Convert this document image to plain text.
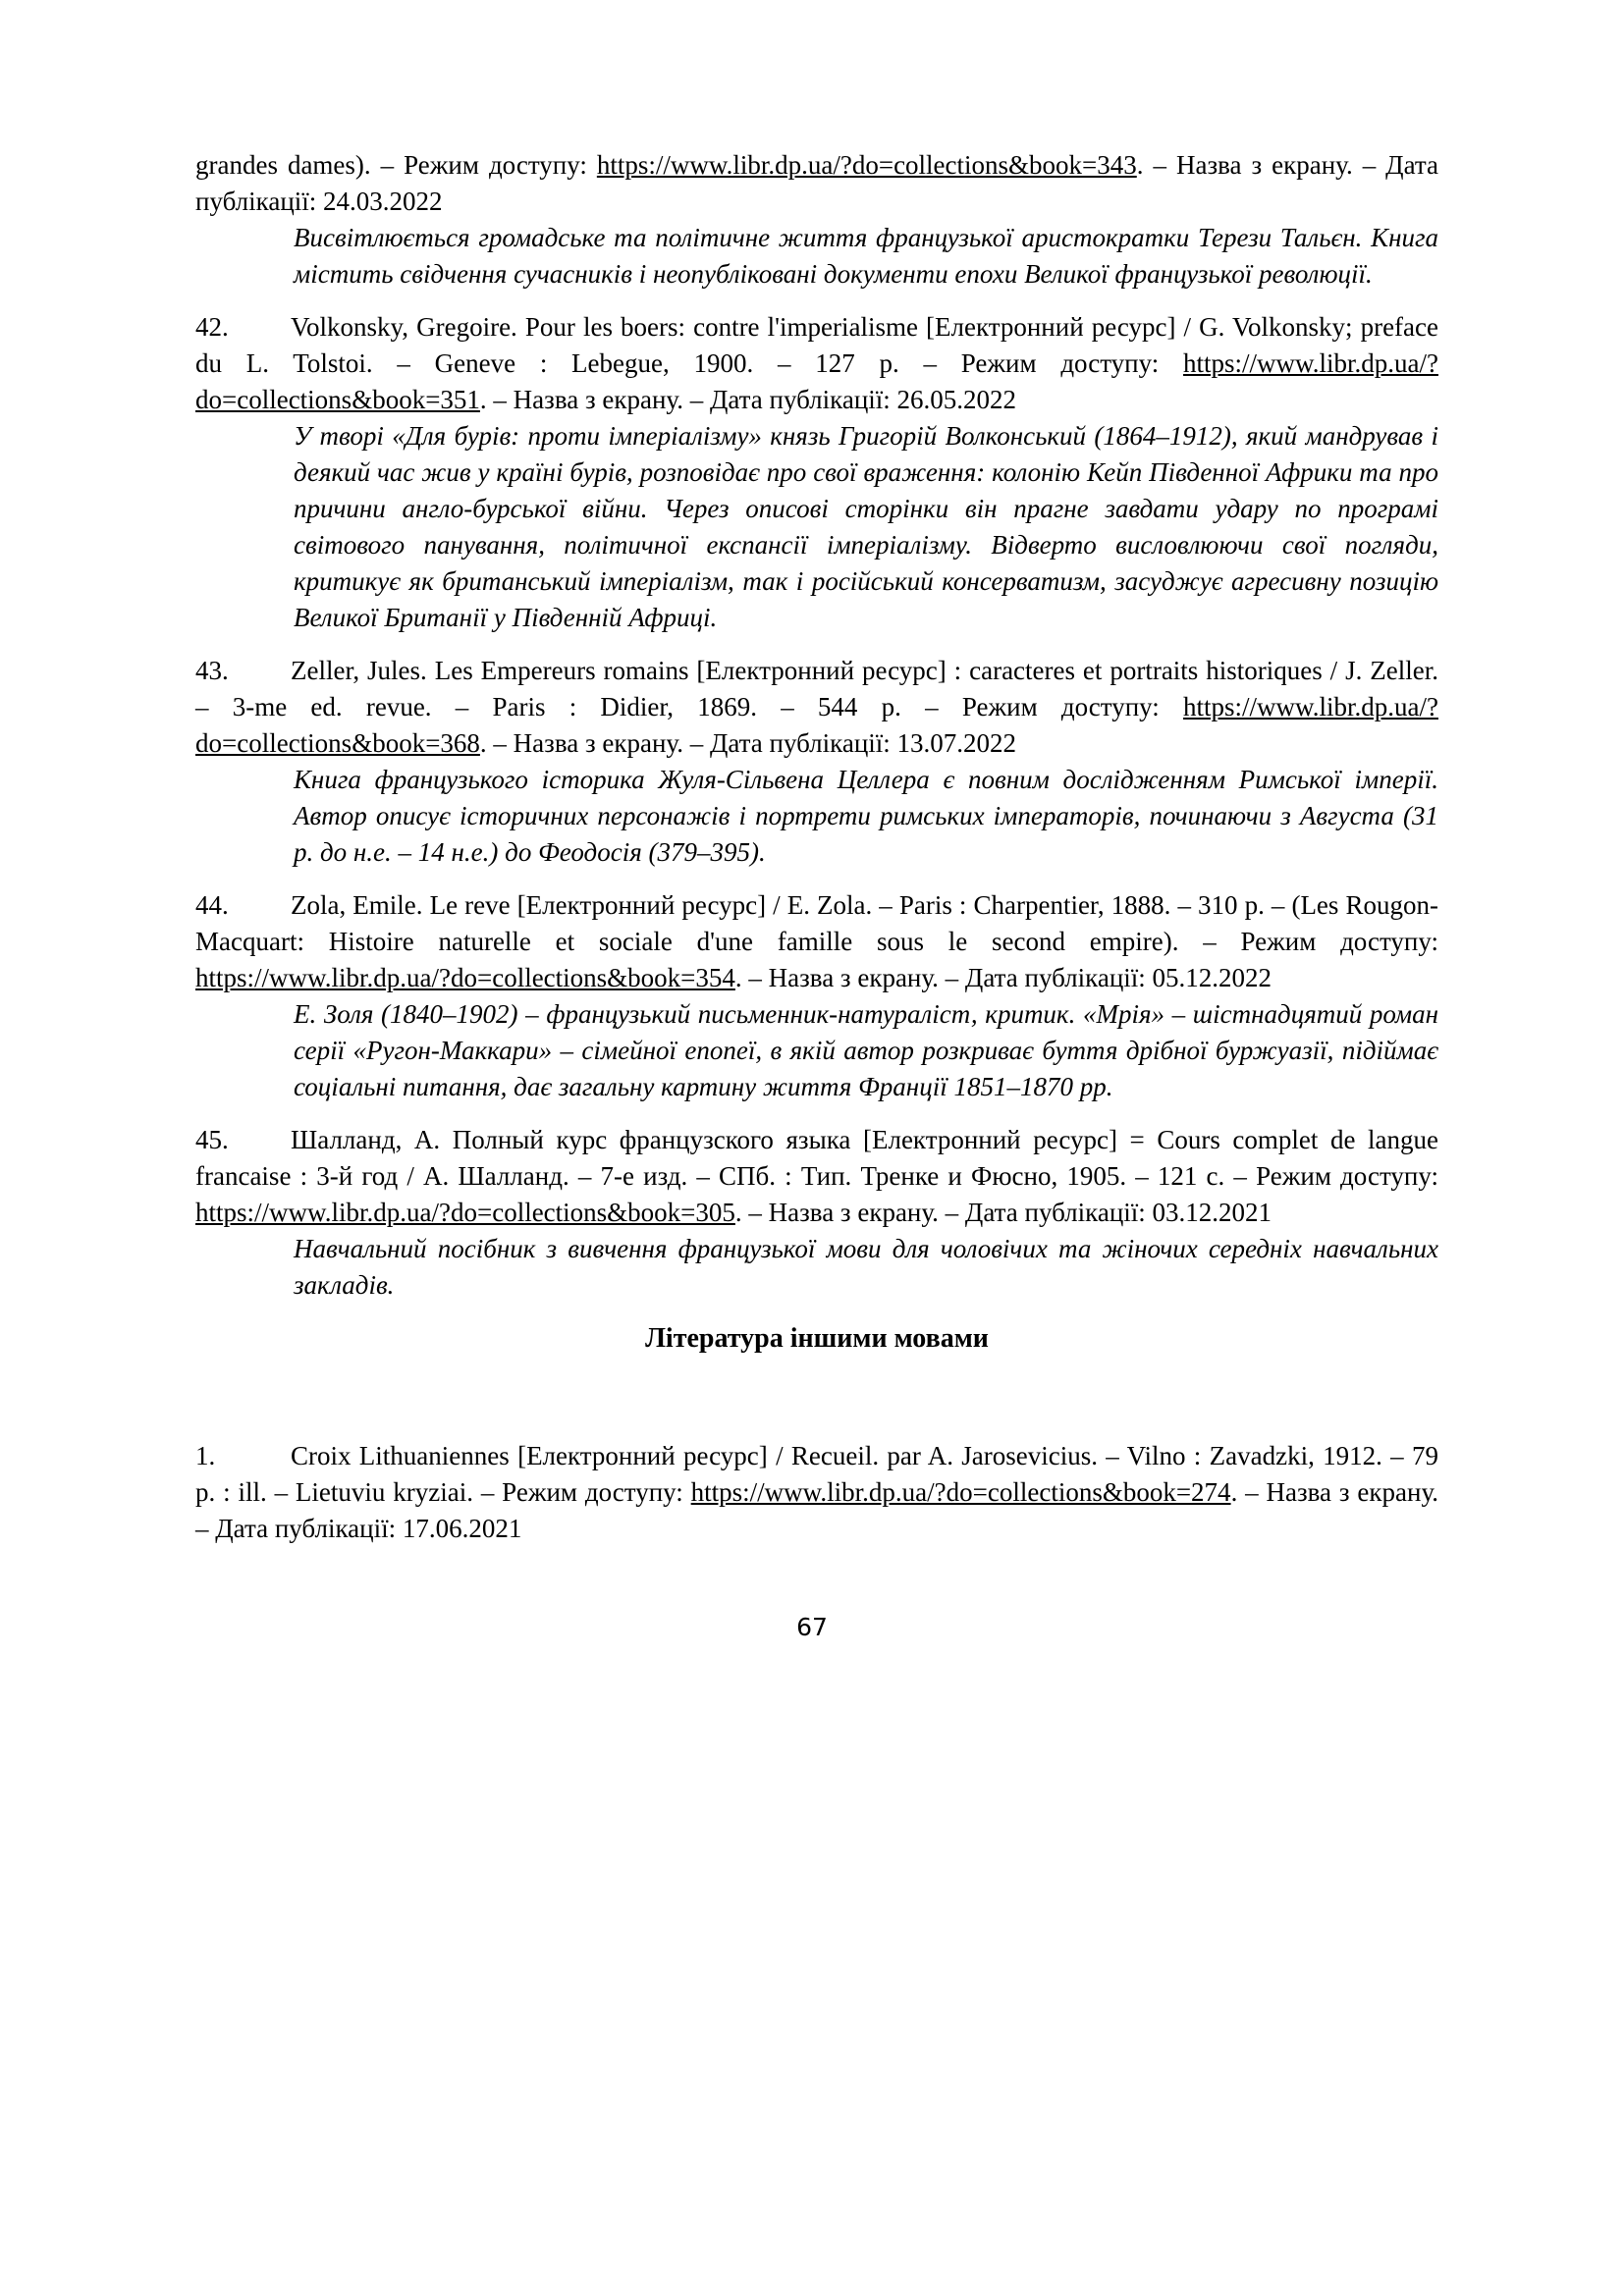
grandes dames). – Режим доступу: https://www.libr.dp.ua/?do=collections&book=343. – Назва з екрану. – Дата публікації: 24.03.2022

Висвітлюється громадське та політичне життя французької аристократки Терези Тальєн. Книга містить свідчення сучасників і неопубліковані документи епохи Великої французької революції.

42. Volkonsky, Gregoire. Pour les boers: contre l'imperialisme [Електронний ресурс] / G. Volkonsky; preface du L. Tolstoi. – Geneve : Lebegue, 1900. – 127 p. – Режим доступу: https://www.libr.dp.ua/?do=collections&book=351. – Назва з екрану. – Дата публікації: 26.05.2022

У творі «Для бурів: проти імперіалізму» князь Григорій Волконський (1864–1912), який мандрував і деякий час жив у країні бурів, розповідає про свої враження: колонію Кейп Південної Африки та про причини англо-бурської війни. Через описові сторінки він прагне завдати удару по програмі світового панування, політичної експансії імперіалізму. Відверто висловлюючи свої погляди, критикує як британський імперіалізм, так і російський консерватизм, засуджує агресивну позицію Великої Британії у Південній Африці.

43. Zeller, Jules. Les Empereurs romains [Електронний ресурс] : caracteres et portraits historiques / J. Zeller. – 3-me ed. revue. – Paris : Didier, 1869. – 544 p. – Режим доступу: https://www.libr.dp.ua/?do=collections&book=368. – Назва з екрану. – Дата публікації: 13.07.2022

Книга французького історика Жуля-Сільвена Целлера є повним дослідженням Римської імперії. Автор описує історичних персонажів і портрети римських імператорів, починаючи з Августа (31 р. до н.е. – 14 н.е.) до Феодосія (379–395).

44. Zola, Emile. Le reve [Електронний ресурс] / E. Zola. – Paris : Charpentier, 1888. – 310 p. – (Les Rougon-Macquart: Histoire naturelle et sociale d'une famille sous le second empire). – Режим доступу: https://www.libr.dp.ua/?do=collections&book=354. – Назва з екрану. – Дата публікації: 05.12.2022

Е. Золя (1840–1902) – французький письменник-натураліст, критик. «Мрія» – шістнадцятий роман серії «Ругон-Маккари» – сімейної епопеї, в якій автор розкриває буття дрібної буржуазії, підіймає соціальні питання, дає загальну картину життя Франції 1851–1870 рр.

45. Шалланд, А. Полный курс французского языка [Електронний ресурс] = Cours complet de langue francaise : 3-й год / А. Шалланд. – 7-е изд. – СПб. : Тип. Тренке и Фюсно, 1905. – 121 с. – Режим доступу: https://www.libr.dp.ua/?do=collections&book=305. – Назва з екрану. – Дата публікації: 03.12.2021

Навчальний посібник з вивчення французької мови для чоловічих та жіночих середніх навчальних закладів.

Література іншими мовами

1.	Croix Lithuaniennes [Електронний ресурс] / Recueil. par A. Jarosevicius. – Vilno : Zavadzki, 1912. – 79 p. : ill. – Lietuviu kryziai. – Режим доступу: https://www.libr.dp.ua/?do=collections&book=274. – Назва з екрану. – Дата публікації: 17.06.2021

67
